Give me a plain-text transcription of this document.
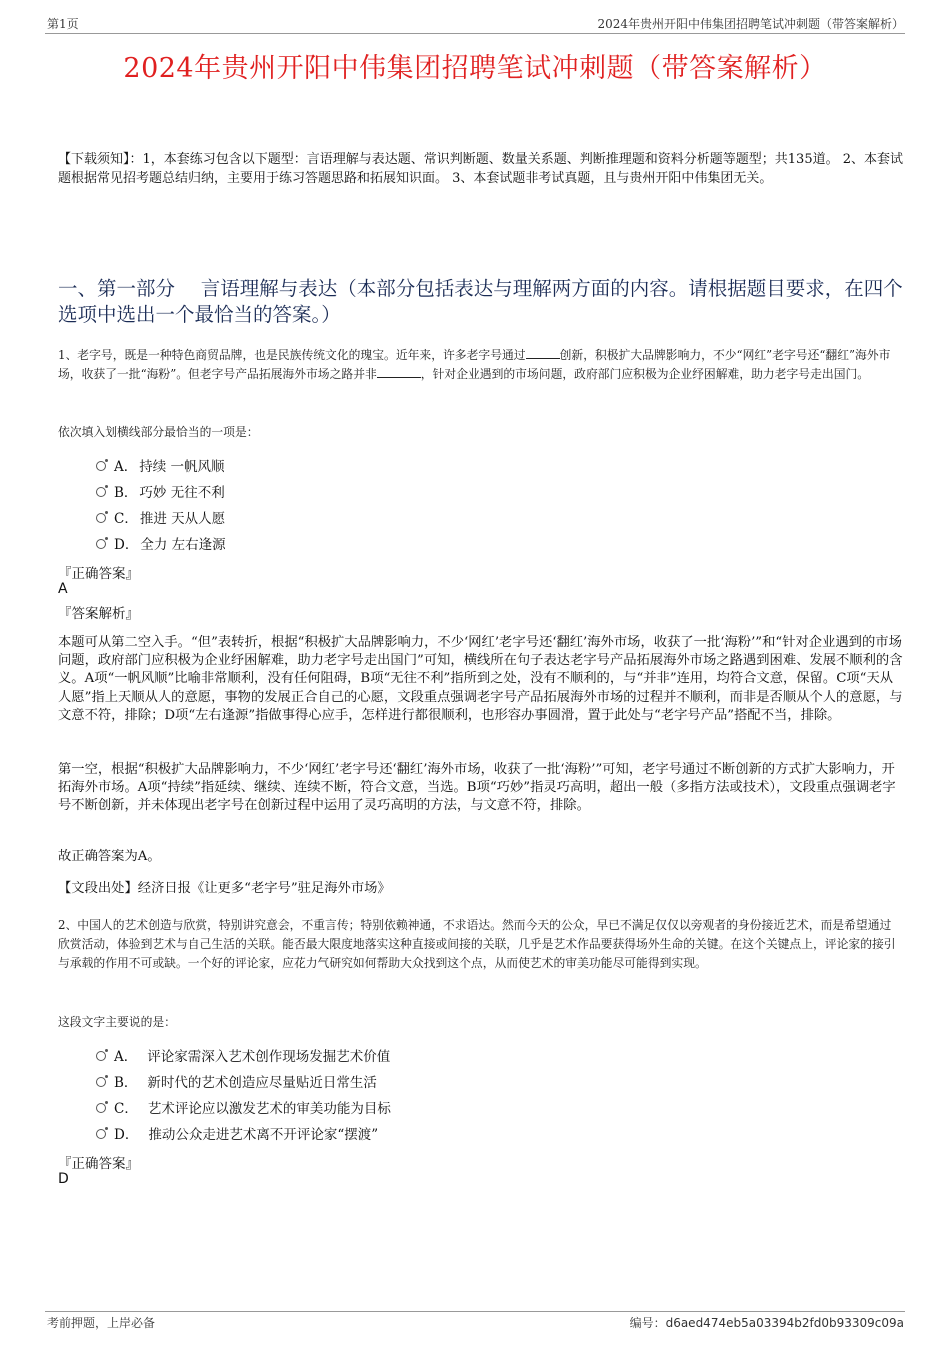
第1页	2024年贵州开阳中伟集团招聘笔试冲刺题（带答案解析）
2024年贵州开阳中伟集团招聘笔试冲刺题（带答案解析）
【下载须知】：1，本套练习包含以下题型：言语理解与表达题、常识判断题、数量关系题、判断推理题和资料分析题等题型；共135道。 2、本套试题根据常见招考题总结归纳，主要用于练习答题思路和拓展知识面。 3、本套试题非考试真题，且与贵州开阳中伟集团无关。
一、第一部分　 言语理解与表达（本部分包括表达与理解两方面的内容。请根据题目要求，在四个选项中选出一个最恰当的答案。）
1、老字号，既是一种特色商贸品牌，也是民族传统文化的瑰宝。近年来，许多老字号通过	创新，积极扩大品牌影响力，不少“网红”老字号还“翻红”海外市场，收获了一批“海粉”。但老字号产品拓展海外市场之路并非	，针对企业遇到的市场问题，政府部门应积极为企业纾困解难，助力老字号走出国门。
依次填入划横线部分最恰当的一项是：
A． 持续 一帆风顺
B． 巧妙 无往不利
C． 推进 天从人愿
D． 全力 左右逢源
『正确答案』
A
『答案解析』
本题可从第二空入手。“但”表转折，根据“积极扩大品牌影响力，不少‘网红’老字号还‘翻红’海外市场，收获了一批‘海粉’”和“针对企业遇到的市场问题，政府部门应积极为企业纾困解难，助力老字号走出国门”可知，横线所在句子表达老字号产品拓展海外市场之路遇到困难、发展不顺利的含义。A项“一帆风顺”比喻非常顺利，没有任何阻碍，B项“无往不利”指所到之处，没有不顺利的，与“并非”连用，均符合文意，保留。C项“天从人愿”指上天顺从人的意愿，事物的发展正合自己的心愿，文段重点强调老字号产品拓展海外市场的过程并不顺利，而非是否顺从个人的意愿，与文意不符，排除；D项“左右逢源”指做事得心应手，怎样进行都很顺利，也形容办事圆滑，置于此处与“老字号产品”搭配不当，排除。
第一空，根据“积极扩大品牌影响力，不少‘网红’老字号还‘翻红’海外市场，收获了一批‘海粉’”可知，老字号通过不断创新的方式扩大影响力，开拓海外市场。A项“持续”指延续、继续、连续不断，符合文意，当选。B项“巧妙”指灵巧高明，超出一般（多指方法或技术），文段重点强调老字号不断创新，并未体现出老字号在创新过程中运用了灵巧高明的方法，与文意不符，排除。
故正确答案为A。
【文段出处】经济日报《让更多“老字号”驻足海外市场》
2、中国人的艺术创造与欣赏，特别讲究意会，不重言传；特别依赖神通，不求语达。然而今天的公众，早已不满足仅仅以旁观者的身份接近艺术，而是希望通过欣赏活动，体验到艺术与自己生活的关联。能否最大限度地落实这种直接或间接的关联，几乎是艺术作品要获得场外生命的关键。在这个关键点上，评论家的接引与承载的作用不可或缺。一个好的评论家，应花力气研究如何帮助大众找到这个点，从而使艺术的审美功能尽可能得到实现。
这段文字主要说的是：
A． 评论家需深入艺术创作现场发掘艺术价值
B． 新时代的艺术创造应尽量贴近日常生活
C． 艺术评论应以激发艺术的审美功能为目标
D． 推动公众走进艺术离不开评论家“摆渡”
『正确答案』
D
考前押题，上岸必备	编号：d6aed474eb5a03394b2fd0b93309c09a
